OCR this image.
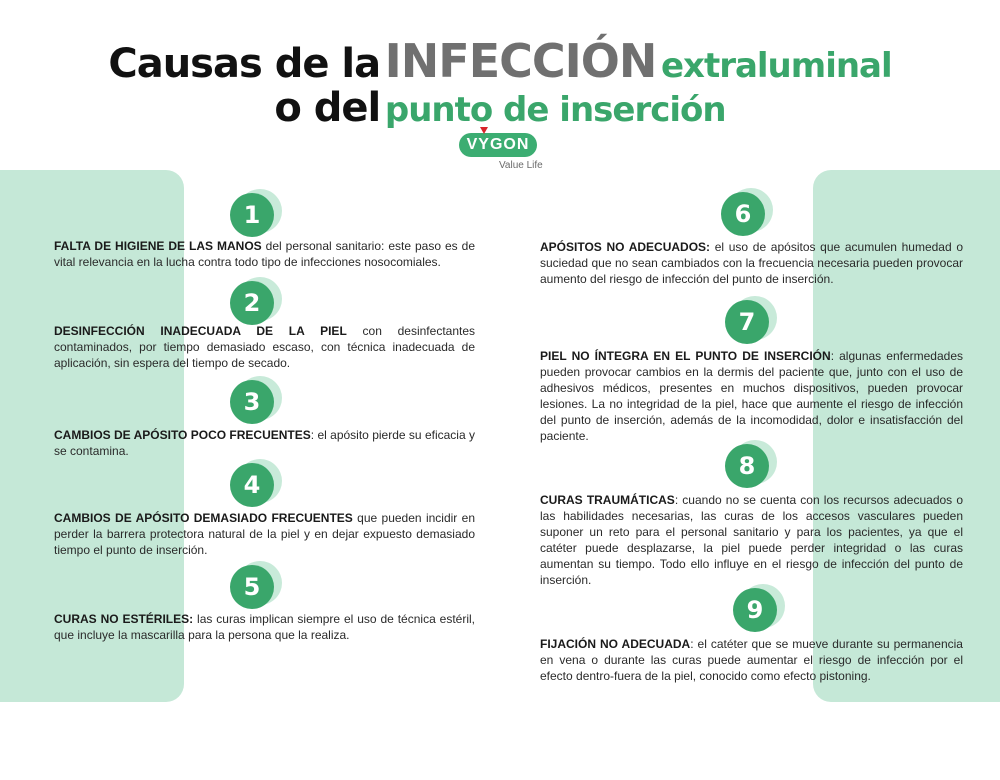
Causas de la INFECCIÓN extraluminal
o del punto de inserción
VYGON
Value Life
1

FALTA DE HIGIENE DE LAS MANOS del personal sanitario: este paso es de vital relevancia en la lucha contra todo tipo de infecciones nosocomiales.

2

DESINFECCIÓN INADECUADA DE LA PIEL con desinfectantes contaminados, por tiempo demasiado escaso, con técnica inadecuada de aplicación, sin espera del tiempo de secado.

3

CAMBIOS DE APÓSITO POCO FRECUENTES: el apósito pierde su eficacia y se contamina.

4

CAMBIOS DE APÓSITO DEMASIADO FRECUENTES que pueden incidir en perder la barrera protectora natural de la piel y en dejar expuesto demasiado tiempo el punto de inserción.

5

CURAS NO ESTÉRILES: las curas implican siempre el uso de técnica estéril, que incluye la mascarilla para la persona que la realiza.

6

APÓSITOS NO ADECUADOS: el uso de apósitos que acumulen humedad o suciedad que no sean cambiados con la frecuencia necesaria pueden provocar aumento del riesgo de infección del punto de inserción.

7

PIEL NO ÍNTEGRA EN EL PUNTO DE INSERCIÓN: algunas enfermedades pueden provocar cambios en la dermis del paciente que, junto con el uso de adhesivos médicos, presentes en muchos dispositivos, pueden provocar lesiones. La no integridad de la piel, hace que aumente el riesgo de infección del punto de inserción, además de la incomodidad, dolor e insatisfacción del paciente.

8

CURAS TRAUMÁTICAS: cuando no se cuenta con los recursos adecuados o las habilidades necesarias, las curas de los accesos vasculares pueden suponer un reto para el personal sanitario y para los pacientes, ya que el catéter puede desplazarse, la piel puede perder integridad o las curas aumentan su tiempo. Todo ello influye en el riesgo de infección del punto de inserción.

9

FIJACIÓN NO ADECUADA: el catéter que se mueve durante su permanencia en vena o durante las curas puede aumentar el riesgo de infección por el efecto dentro-fuera de la piel, conocido como efecto pistoning.
